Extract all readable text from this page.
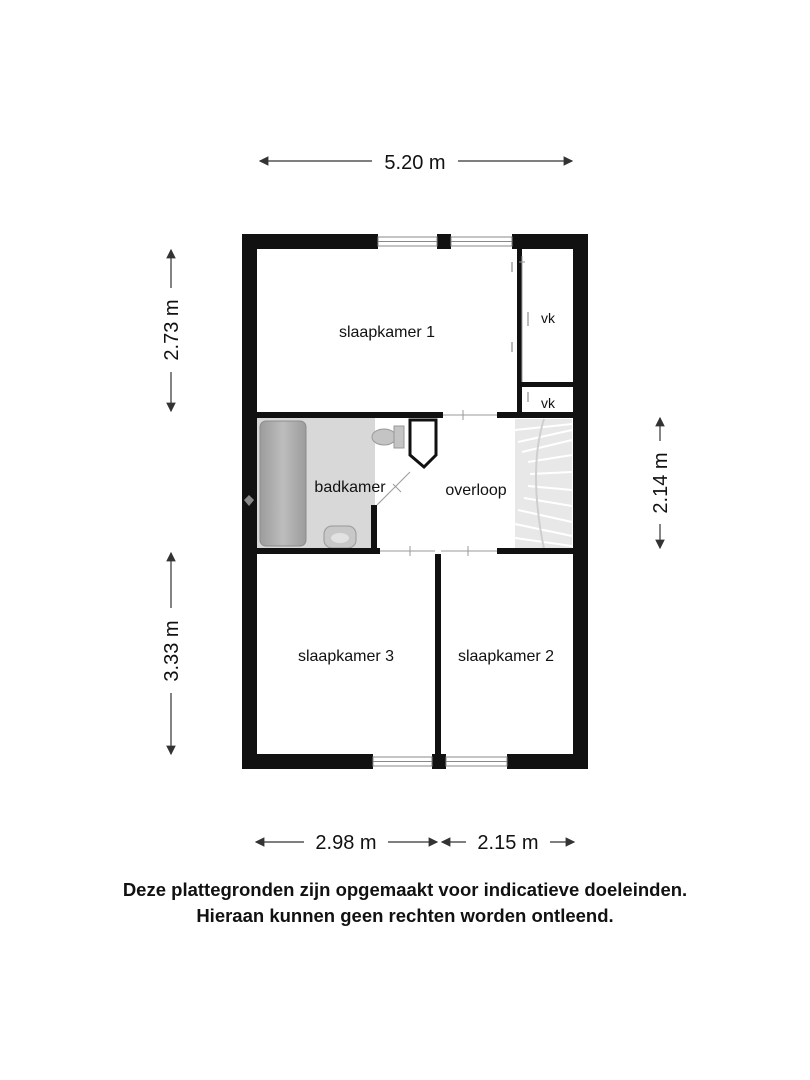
slaapkamer 1
vk
vk
badkamer	overloop
slaapkamer 3	slaapkamer 2
5.20 m
2.73 m
2.14 m
3.33 m
2.98 m	2.15 m
Deze plattegronden zijn opgemaakt voor indicatieve doeleinden.
Hieraan kunnen geen rechten worden ontleend.
